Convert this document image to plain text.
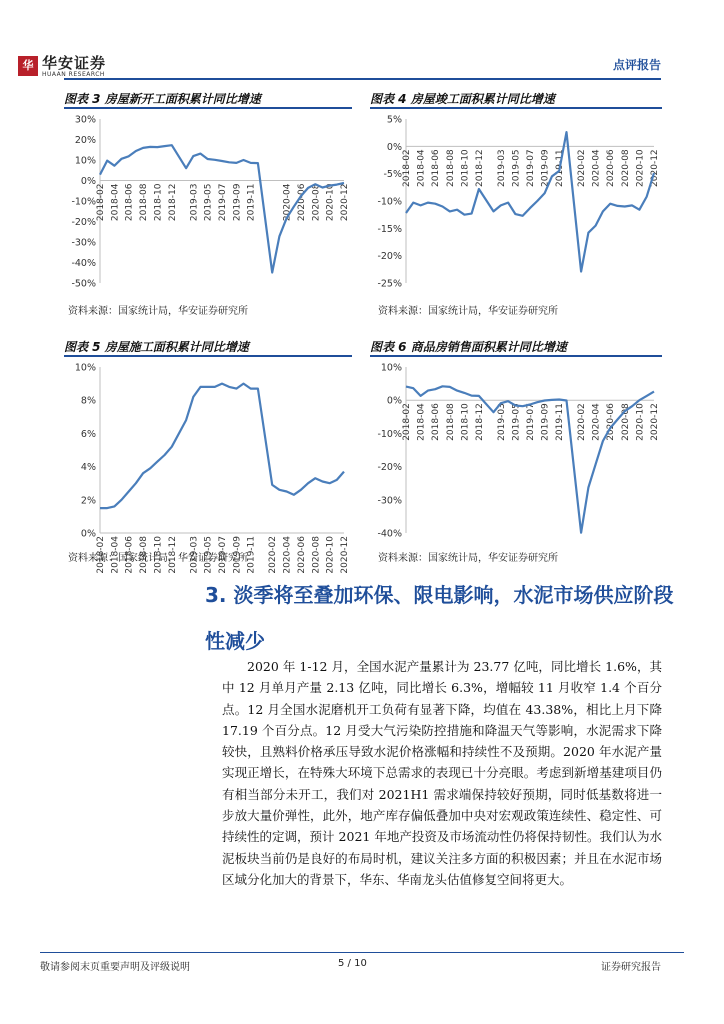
华 华安证券
HUAAN RESEARCH
点评报告
图表 3 房屋新开工面积累计同比增速
30%
20%
10%
0%
-10%
-20%
-30%
-40%
-50%
2018-02 2018-04 2018-06 2018-08 2018-10 2018-12 2019-03 2019-05 2019-07 2019-09 2019-11	2020-04 2020-06 2020-08 2020-10 2020-12
资料来源：国家统计局，华安证券研究所
图表 4 房屋竣工面积累计同比增速
5%
0%
-5%
-10%
-15%
-20%
-25%
2018-02 2018-04 2018-06 2018-08 2018-10 2018-12 2019-03 2019-05 2019-07 2019-09 2019-11 2020-02 2020-04 2020-06 2020-08 2020-10 2020-12
资料来源：国家统计局，华安证券研究所
图表 5 房屋施工面积累计同比增速
10%
8%
6%
4%
2%
0%
2018-02 2018-04 2018-06 2018-08 2018-10 2018-12 2019-03 2019-05 2019-07 2019-09 2019-11 2020-02 2020-04 2020-06 2020-08 2020-10 2020-12
资料来源：国家统计局，华安证券研究所
图表 6 商品房销售面积累计同比增速
10%
0%
-10%
-20%
-30%
-40%
2018-02 2018-04 2018-06 2018-08 2018-10 2018-12 2019-03 2019-05 2019-07 2019-09 2019-11 2020-02 2020-04 2020-06 2020-08 2020-10 2020-12
资料来源：国家统计局，华安证券研究所
3. 淡季将至叠加环保、限电影响，水泥市场供应阶段性减少
2020 年 1-12 月，全国水泥产量累计为 23.77 亿吨，同比增长 1.6%，其中 12 月单月产量 2.13 亿吨，同比增长 6.3%，增幅较 11 月收窄 1.4 个百分点。12 月全国水泥磨机开工负荷有显著下降，均值在 43.38%，相比上月下降 17.19 个百分点。12 月受大气污染防控措施和降温天气等影响，水泥需求下降较快，且熟料价格承压导致水泥价格涨幅和持续性不及预期。2020 年水泥产量实现正增长，在特殊大环境下总需求的表现已十分亮眼。考虑到新增基建项目仍有相当部分未开工，我们对 2021H1 需求端保持较好预期，同时低基数将进一步放大量价弹性，此外，地产库存偏低叠加中央对宏观政策连续性、稳定性、可持续性的定调，预计 2021 年地产投资及市场流动性仍将保持韧性。我们认为水泥板块当前仍是良好的布局时机，建议关注多方面的积极因素；并且在水泥市场区域分化加大的背景下，华东、华南龙头估值修复空间将更大。
敬请参阅末页重要声明及评级说明	5 / 10	证券研究报告
